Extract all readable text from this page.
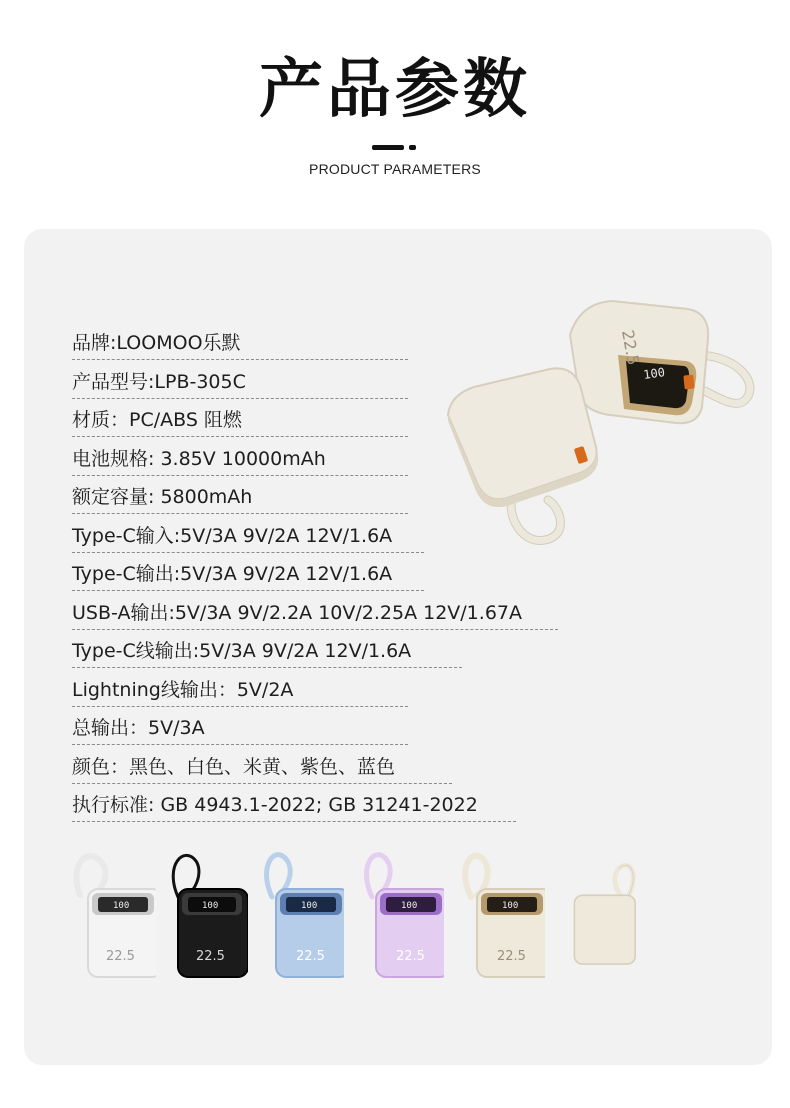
产品参数
PRODUCT PARAMETERS
品牌:LOOMOO乐默
产品型号:LPB-305C
材质：PC/ABS 阻燃
电池规格: 3.85V 10000mAh
额定容量: 5800mAh
Type-C输入:5V/3A 9V/2A 12V/1.6A
Type-C输出:5V/3A 9V/2A 12V/1.6A
USB-A输出:5V/3A 9V/2.2A 10V/2.25A 12V/1.67A
Type-C线输出:5V/3A 9V/2A 12V/1.6A
Lightning线输出：5V/2A
总输出：5V/3A
颜色：黑色、白色、米黄、紫色、蓝色
执行标准: GB 4943.1-2022; GB 31241-2022
100
22.5
100
22.5
100
22.5
100
22.5
100
22.5
100
22.5
